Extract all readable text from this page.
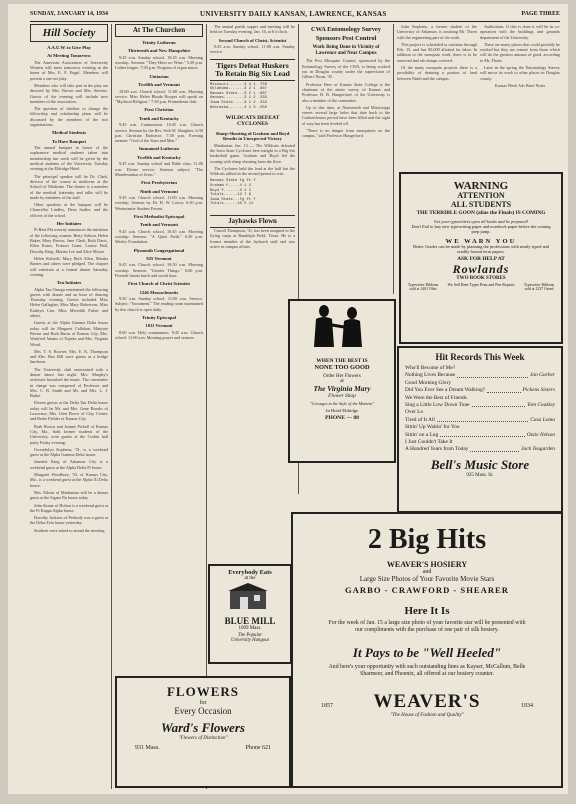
SUNDAY, JANUARY 14, 1934	UNIVERSITY DAILY KANSAN, LAWRENCE, KANSAS	PAGE THREE
Hill Society
A.A.U.W. to Give Play
At Meeting Tomorrow

The American Association of University Women will meet tomorrow evening at the home of Mrs. E. F. Engel. Members will present a one-act play.

Members who will take part in the play are directed by Mrs. Brown and Mrs. Stevens. Guests of the evening will include new members of the association.

The question of whether to change the fellowship and scholarship plans will be discussed by the members of the two organizations.

Medical Students
To Have Banquet

The annual banquet in honor of the sophomore medical students taken into membership last week will be given by the medical students of the University Tuesday evening at the Eldridge Hotel.

The principal speaker will be Dr. Clark, director of the course in medicine at the School of Medicine. The dinner is a member of the medical fraternity and talks will be made by members of the staff.

Other speakers at the banquet will be Chancellor Lindley, Dean Sudler, and the officers of the school.

Her Initiates

Pi Beta Phi sorority announces the initiation of the following women: Betty Ashton, Helen Baker, Mary Brown, Jane Clark, Ruth Davis, Ellen Evans, Frances Grant, Louise Hall, Dorothy King, Marian Lee and Alice Moore.

Helen Kidwell, Mary Beth Allen, Martha Barnes and others were pledged. The chapter will entertain at a formal dinner Saturday evening.

Ten Initiates

Alpha Tau Omega entertained the following guests with dinner and an hour of dancing Thursday evening. Guests included Miss Helen Gallagher, Miss Mary Robertson, Miss Kathryn Carr, Miss Meredith Fisher and others.

Guests at the Alpha Gamma Delta house today will be Margaret Callahan, Marjorie Brown and Ruth Burns of Kansas City, Mrs. Winifred Adams of Topeka and Mrs. Virginia Wood.

Mrs. T. S. Bowser, Mrs. E. K. Thompson and Mrs. Rea Hill were guests at a bridge luncheon.

The University club entertained with a dinner dance last night. Mrs. Murphy's orchestra furnished the music. The committee in charge was composed of Professor and Mrs. C. B. Smith and Mr. and Mrs. L. J. Burke.

Eleven guests at the Delta Tau Delta house today will be Mr. and Mrs. Gene Brooks of Lawrence, Mrs. Glen Pierce of Clay Center, and Bettie Fielder of Kansas City.

Ruth Brown and Jeanne Pickell of Kansas City, Mo., both former students of the University, were guests at the Corbin hall party Friday evening.

Gwendolyn Stephens, '31, is a weekend guest at the Alpha Gamma Delta house.

Jeanette King of Arkansas City is a weekend guest at the Alpha Delta Pi house.

Margaret Woodbury, '33, of Kansas City, Mo., is a weekend guest at the Alpha Xi Delta house.

Mrs. Edwin of Manhattan will be a dinner guest at the Sigma Nu house today.

John Stuntz of Holton is a weekend guest at the Pi Kappa Alpha house.

Dorothy Jackson of Peabody was a guest at the Delta Zeta house yesterday.

Students were asked to attend the meeting.

At The Churchen
Trinity Lutheran
Thirteenth and New Hampshire

9:45 a.m. Sunday school. 10:45 a.m. Morning worship. Sermon: "They Have no Wine." 5:30 p.m. Luther league. 7:30 p.m. Program of organ music.

Unitarian
Twelfth and Vermont

10:00 a.m. Church school. 11:00 a.m. Morning service. Miss Helen Rhoda Hoopes will speak on "Mythical Religion." 7:30 p.m. Promethean club.

First Christian
Tenth and Kentucky

9:45 a.m. Communion. 10:45 a.m. Church service. Sermon by the Rev. Seth W. Slaughter. 6:30 p.m. Christian Endeavor. 7:30 p.m. Evening sermon: "God of the Stars and Men."

Immanuel Lutheran
Twelfth and Kentucky

9:45 a.m. Sunday school and Bible class. 11:00 a.m. Divine service. Sermon subject: "The Manifestation of Jesus."

First Presbyterian
Ninth and Vermont

9:45 a.m. Church school. 11:00 a.m. Morning worship. Sermon by Dr. H. W. Lowry. 6:30 p.m. Westminster Student Forum.

First Methodist Episcopal
Tenth and Vermont

9:45 a.m. Church school. 10:45 a.m. Morning worship. Sermon: "A Quiet Faith." 6:30 p.m. Wesley Foundation.

Plymouth Congregational
925 Vermont

9:45 a.m. Church school. 10:50 a.m. Morning worship. Sermon: "Greater Things." 6:00 p.m. Fireside forum lunch and social hour.

First Church of Christ Scientist
1246 Massachusetts

9:30 a.m. Sunday school. 11:00 a.m. Service. Subject: "Sacrament." The reading room maintained by this church is open daily.

Trinity Episcopal
1011 Vermont

8:00 a.m. Holy communion. 9:45 a.m. Church school. 11:00 a.m. Morning prayer and sermon.

The annual parish supper and meeting will be held on Tuesday evening, Jan. 16, at 6 o'clock.

Second Church of Christ, Scientist

9:45 a.m. Sunday school. 11:00 a.m. Sunday service.

Tigers Defeat Huskers
To Retain Big Six Lead
Missouri.......4 3 1 .750
Oklahoma.......3 2 1 .667
Kansas State...3 2 1 .667
Kansas.........3 1 2 .333
Iowa State.....3 1 2 .333
Nebraska.......4 1 3 .250
WILDCATS DEFEAT CYCLONES
Sharp-Shooting of Graham and Boyd Results in Unexpected Victory

Manhattan, Jan. 13 — The Wildcats defeated the Iowa State Cyclones here tonight in a Big Six basketball game. Graham and Boyd led the scoring with sharp shooting from the floor.

The Cyclones held the lead at the half but the Wildcats rallied in the second period to win.

Kansas State fg ft f
Graham f.....4 1 2
Boyd f.......3 2 1
Totals......12 7 9
Iowa State...fg ft f
Totals......10 5 11
Jayhawks Flown

Carroll Thompson, '31, has been assigned to the flying corps at Randolph Field, Texas. He is a former member of the Jayhawk staff and was active in campus affairs.

CWA Entomology Survey
Sponsors Pest Control
Work Being Done in Vicinity of Lawrence and Near Campus

The Pest Mosquito Control, sponsored by the Entomology Survey of the CWA, is being worked out in Douglas county under the supervision of Gilbert Thorn, '35.

Professor Beer of Kansas State College is the chairman of the entire survey of Kansas and Professor H. B. Hungerford, of the University is also a member of the committee.

Up to this time, at Nineteenth and Mississippi streets several large holes that date back to the Carboniferous period have been filled and the sight of way has been leveled off.

"There is no danger from mosquitoes on the campus," said Professor Hungerford.

John Stephens, a former student of the University of Arkansas, is assisting Mr. Thorn with the engineering part of the work.

This project is scheduled to continue through Feb. 15, and has $5,000 allotted for labor. In addition to the mosquito work, there is to be removed and ash dumps covered.

Of the many mosquito projects there is a possibility of draining a portion of land between Ninth and the campus.

Auditorium. If this is done it will be in co-operation with the buildings and grounds department of the University.

There are many places that could possibly be worked but they are remote from those which will do the greatest amount of good, according to Mr. Thorn.

Later in the spring the Entomology Survey will move its work to other places in Douglas county.

Kansas Week Ads Brief Notes

WARNING
ATTENTION
ALL STUDENTS
THE TERRIBLE GOON (alias the Finals) IS COMING
Get your typewriters open all books and be prepared!
Don't Fail to buy new typewriting paper and notebook paper before the coming prep jump.
WE WARN YOU
Better Grades can be made by planning the professions with neatly typed and readily loosed term papers.
ASK FOR HELP AT
Rowlands
TWO BOOK STORES
Typewriter Ribbons sold at 1401 Ohio
We Sell Rent Types Pens and Pen Repairs	Typewriter Ribbons sold at 1237 Oread
WHEN THE BEST IS
NONE TOO GOOD
Order Her Flowers
at
The Virginia Mary
Flower Shop
"Corsages in the Style of the Moment"
In Hotel Eldridge
PHONE — 88
Hit Records This Week
Who'll Become of Me?
Nothing Lives Because	Jan Garber
Good Morning Glory
Did You Ever See a Dream Walking?	Pickens Sisters
We Were the Best of Friends
Sing a Little Low Down Tune	Tom Coakley
Over Lo
Tired of It All	Casa Loma
Sittin' Up Waitin' for You
Sittin' on a Log	Ozzie Nelson
I Just Couldn't Take It
A Hundred Years from Today	Jack Teagarden
Bell's Music Store
925 Mass. St.
Everybody Eats
at the
BLUE MILL
1009 Mass.
The Popular
University Hangout
FLOWERS
for
Every Occasion
Ward's Flowers
"Flowers of Distinction"
931 Mass.	Phone 621
2 Big Hits
WEAVER'S HOSIERY
and
Large Size Photos of Your Favorite Movie Stars
GARBO - CRAWFORD - SHEARER
Here It Is
For the week of Jan. 15 a large size photo of your favorite star will be presented with our compliments with the purchase of one pair of silk hosiery.
It Pays to be "Well Heeled"
And here's your opportunity with such outstanding lines as Kayser, McCallum, Belle Sharmeer, and Phoenix, all offered at our hosiery counter.
1857 WEAVER'S	1934
"The House of Fashion and Quality"
